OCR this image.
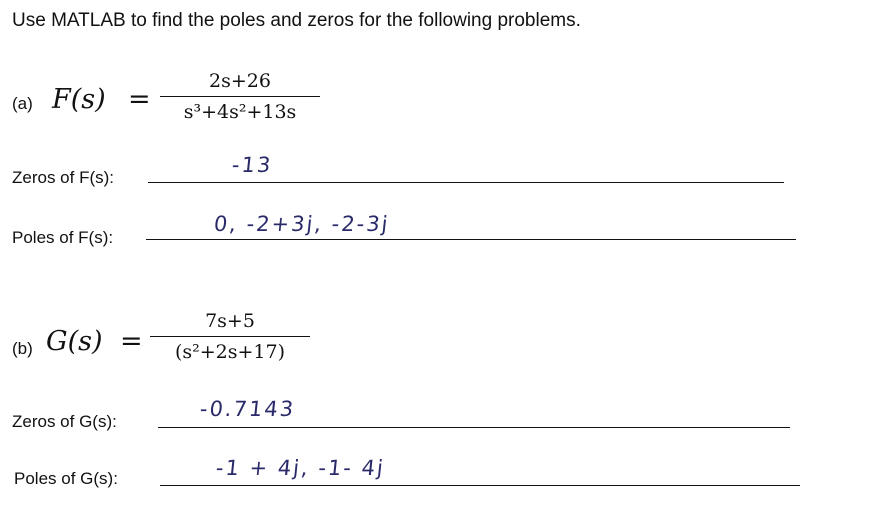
Use MATLAB to find the poles and zeros for the following problems.
(a) $F(s) = \frac{2s+26}{\text{s³+4s²+13s}}$
Zeros of F(s):
-13
Poles of F(s):
0, -2+3j, -2-3j
(b) $G(s) = \frac{7s+5}{\text{(s²+2s+17)}}$
Zeros of G(s):
-0.7143
Poles of G(s):	-1 + 4j, -1- 4j
